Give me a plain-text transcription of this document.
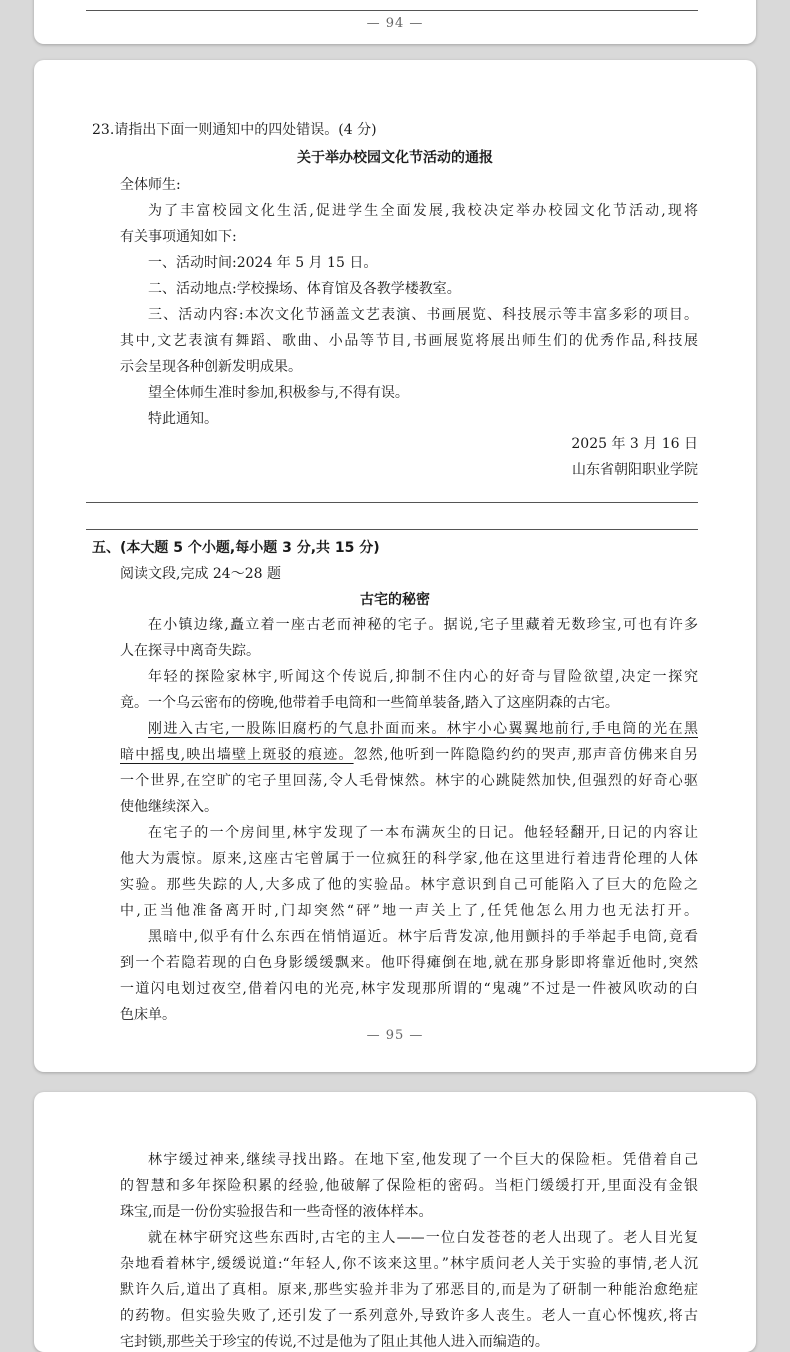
— 94 —
23.请指出下面一则通知中的四处错误。(4 分)
关于举办校园文化节活动的通报
全体师生:
为了丰富校园文化生活,促进学生全面发展,我校决定举办校园文化节活动,现将
有关事项通知如下:
一、活动时间:2024 年 5 月 15 日。
二、活动地点:学校操场、体育馆及各教学楼教室。
三、活动内容:本次文化节涵盖文艺表演、书画展览、科技展示等丰富多彩的项目。
其中,文艺表演有舞蹈、歌曲、小品等节目,书画展览将展出师生们的优秀作品,科技展
示会呈现各种创新发明成果。
望全体师生准时参加,积极参与,不得有误。
特此通知。
2025 年 3 月 16 日
山东省朝阳职业学院
五、(本大题 5 个小题,每小题 3 分,共 15 分)
阅读文段,完成 24～28 题
古宅的秘密
在小镇边缘,矗立着一座古老而神秘的宅子。据说,宅子里藏着无数珍宝,可也有许多
人在探寻中离奇失踪。
年轻的探险家林宇,听闻这个传说后,抑制不住内心的好奇与冒险欲望,决定一探究
竟。一个乌云密布的傍晚,他带着手电筒和一些简单装备,踏入了这座阴森的古宅。
刚进入古宅,一股陈旧腐朽的气息扑面而来。林宇小心翼翼地前行,手电筒的光在黑
暗中摇曳,映出墙壁上斑驳的痕迹。忽然,他听到一阵隐隐约约的哭声,那声音仿佛来自另
一个世界,在空旷的宅子里回荡,令人毛骨悚然。林宇的心跳陡然加快,但强烈的好奇心驱
使他继续深入。
在宅子的一个房间里,林宇发现了一本布满灰尘的日记。他轻轻翻开,日记的内容让
他大为震惊。原来,这座古宅曾属于一位疯狂的科学家,他在这里进行着违背伦理的人体
实验。那些失踪的人,大多成了他的实验品。林宇意识到自己可能陷入了巨大的危险之
中,正当他准备离开时,门却突然“砰”地一声关上了,任凭他怎么用力也无法打开。
黑暗中,似乎有什么东西在悄悄逼近。林宇后背发凉,他用颤抖的手举起手电筒,竟看
到一个若隐若现的白色身影缓缓飘来。他吓得瘫倒在地,就在那身影即将靠近他时,突然
一道闪电划过夜空,借着闪电的光亮,林宇发现那所谓的“鬼魂”不过是一件被风吹动的白
色床单。
— 95 —
林宇缓过神来,继续寻找出路。在地下室,他发现了一个巨大的保险柜。凭借着自己
的智慧和多年探险积累的经验,他破解了保险柜的密码。当柜门缓缓打开,里面没有金银
珠宝,而是一份份实验报告和一些奇怪的液体样本。
就在林宇研究这些东西时,古宅的主人——一位白发苍苍的老人出现了。老人目光复
杂地看着林宇,缓缓说道:“年轻人,你不该来这里。”林宇质问老人关于实验的事情,老人沉
默许久后,道出了真相。原来,那些实验并非为了邪恶目的,而是为了研制一种能治愈绝症
的药物。但实验失败了,还引发了一系列意外,导致许多人丧生。老人一直心怀愧疚,将古
宅封锁,那些关于珍宝的传说,不过是他为了阻止其他人进入而编造的。
